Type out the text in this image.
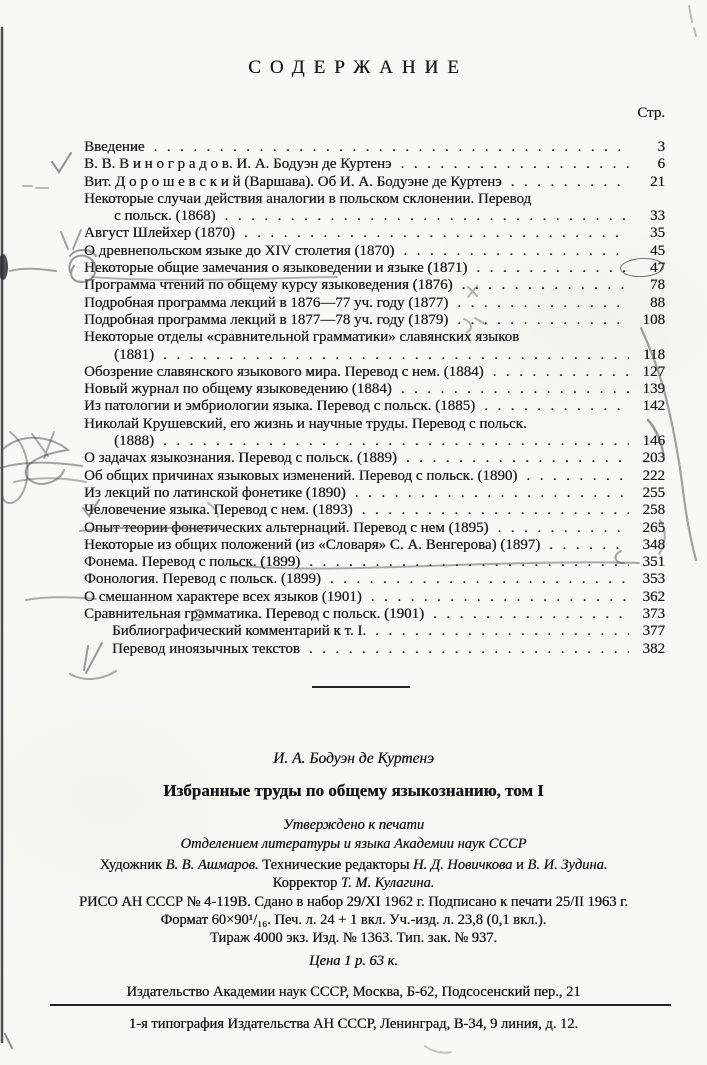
СОДЕРЖАНИЕ
Стр.
Введение .....	3
В. В. В и н о г р а д о в. И. А. Бодуэн де Куртенэ .....	6
Вит. Д о р о ш е в с к и й (Варшава). Об И. А. Бодуэне де Куртенэ .....	21
Некоторые случаи действия аналогии в польском склонении. Перевод
с польск. (1868) .....	33
Август Шлейхер (1870) .....	35
О древнепольском языке до XIV столетия (1870) .....	45
Некоторые общие замечания о языковедении и языке (1871) .....	47
Программа чтений по общему курсу языковедения (1876) .....	78
Подробная программа лекций в 1876—77 уч. году (1877) .....	88
Подробная программа лекций в 1877—78 уч. году (1879) .....	108
Некоторые отделы «сравнительной грамматики» славянских языков
(1881) .....	118
Обозрение славянского языкового мира. Перевод с нем. (1884) .....	127
Новый журнал по общему языковедению (1884) .....	139
Из патологии и эмбриологии языка. Перевод с польск. (1885) .....	142
Николай Крушевский, его жизнь и научные труды. Перевод с польск.
(1888) .....	146
О задачах языкознания. Перевод с польск. (1889) .....	203
Об общих причинах языковых изменений. Перевод с польск. (1890) .....	222
Из лекций по латинской фонетике (1890) .....	255
Человечение языка. Перевод с нем. (1893) .....	258
Опыт теории фонетических альтернаций. Перевод с нем (1895) .....	265
Некоторые из общих положений (из «Словаря» С. А. Венгерова) (1897) .....	348
Фонема. Перевод с польск. (1899) .....	351
Фонология. Перевод с польск. (1899) .....	353
О смешанном характере всех языков (1901) .....	362
Сравнительная грамматика. Перевод с польск. (1901) .....	373
Библиографический комментарий к т. I. .....	377
Перевод иноязычных текстов .....	382
И. А. Бодуэн де Куртенэ
Избранные труды по общему языкознанию, том I
Утверждено к печати
Отделением литературы и языка Академии наук СССР
Художник В. В. Ашмаров. Технические редакторы Н. Д. Новичкова и В. И. Зудина.
Корректор Т. М. Кулагина.
РИСО АН СССР № 4-119В. Сдано в набор 29/XI 1962 г. Подписано к печати 25/II 1963 г.
Формат 60×90¹/₁₆. Печ. л. 24 + 1 вкл. Уч.-изд. л. 23,8 (0,1 вкл.).
Тираж 4000 экз. Изд. № 1363. Тип. зак. № 937.
Цена 1 р. 63 к.
Издательство Академии наук СССР, Москва, Б-62, Подсосенский пер., 21
1-я типография Издательства АН СССР, Ленинград, В-34, 9 линия, д. 12.
